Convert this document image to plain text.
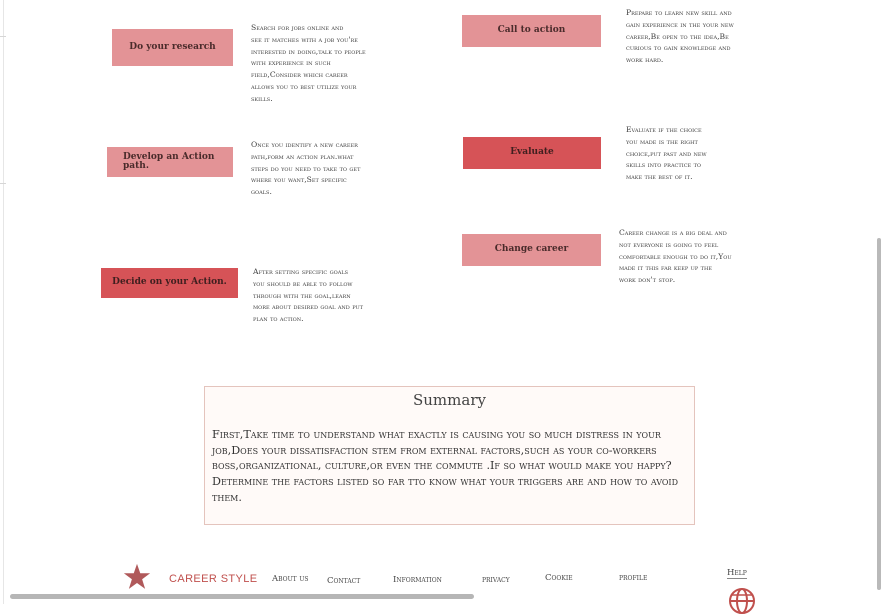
Do your research

Search for jobs online and
see it matches with a job you're
interested in doing,talk to people
with experience in such
field,Consider which career
allows you to best utilize your
skills.

Develop an Action path.

Once you identify a new career
path,form an action plan.what
steps do you need to take to get
where you want,Set specific
goals.

Decide on your Action.

After setting specific goals
you should be able to follow
through with the goal,learn
more about desired goal and put
plan to action.

Call to action

Prepare to learn new skill and
gain experience in the your new
career,Be open to the idea,Be
curious to gain knowledge and
work hard.

Evaluate

Evaluate if the choice
you made is the right
choice,put past and new
skills into practice to
make the best of it.

Change career

Career change is a big deal and
not everyone is going to feel
comfortable enough to do it,You
made it this far keep up the
work don't stop.

Summary

First,Take time to understand what exactly is causing you so much distress in your job,Does your dissatisfaction stem from external factors,such as your co-workers boss,organizational, culture,or even the commute .If so what would make you happy? Determine the factors listed so far tto know what your triggers are and how to avoid them.

CAREER STYLE About us Contact	Information	privacy	Cookie	profile	Help
